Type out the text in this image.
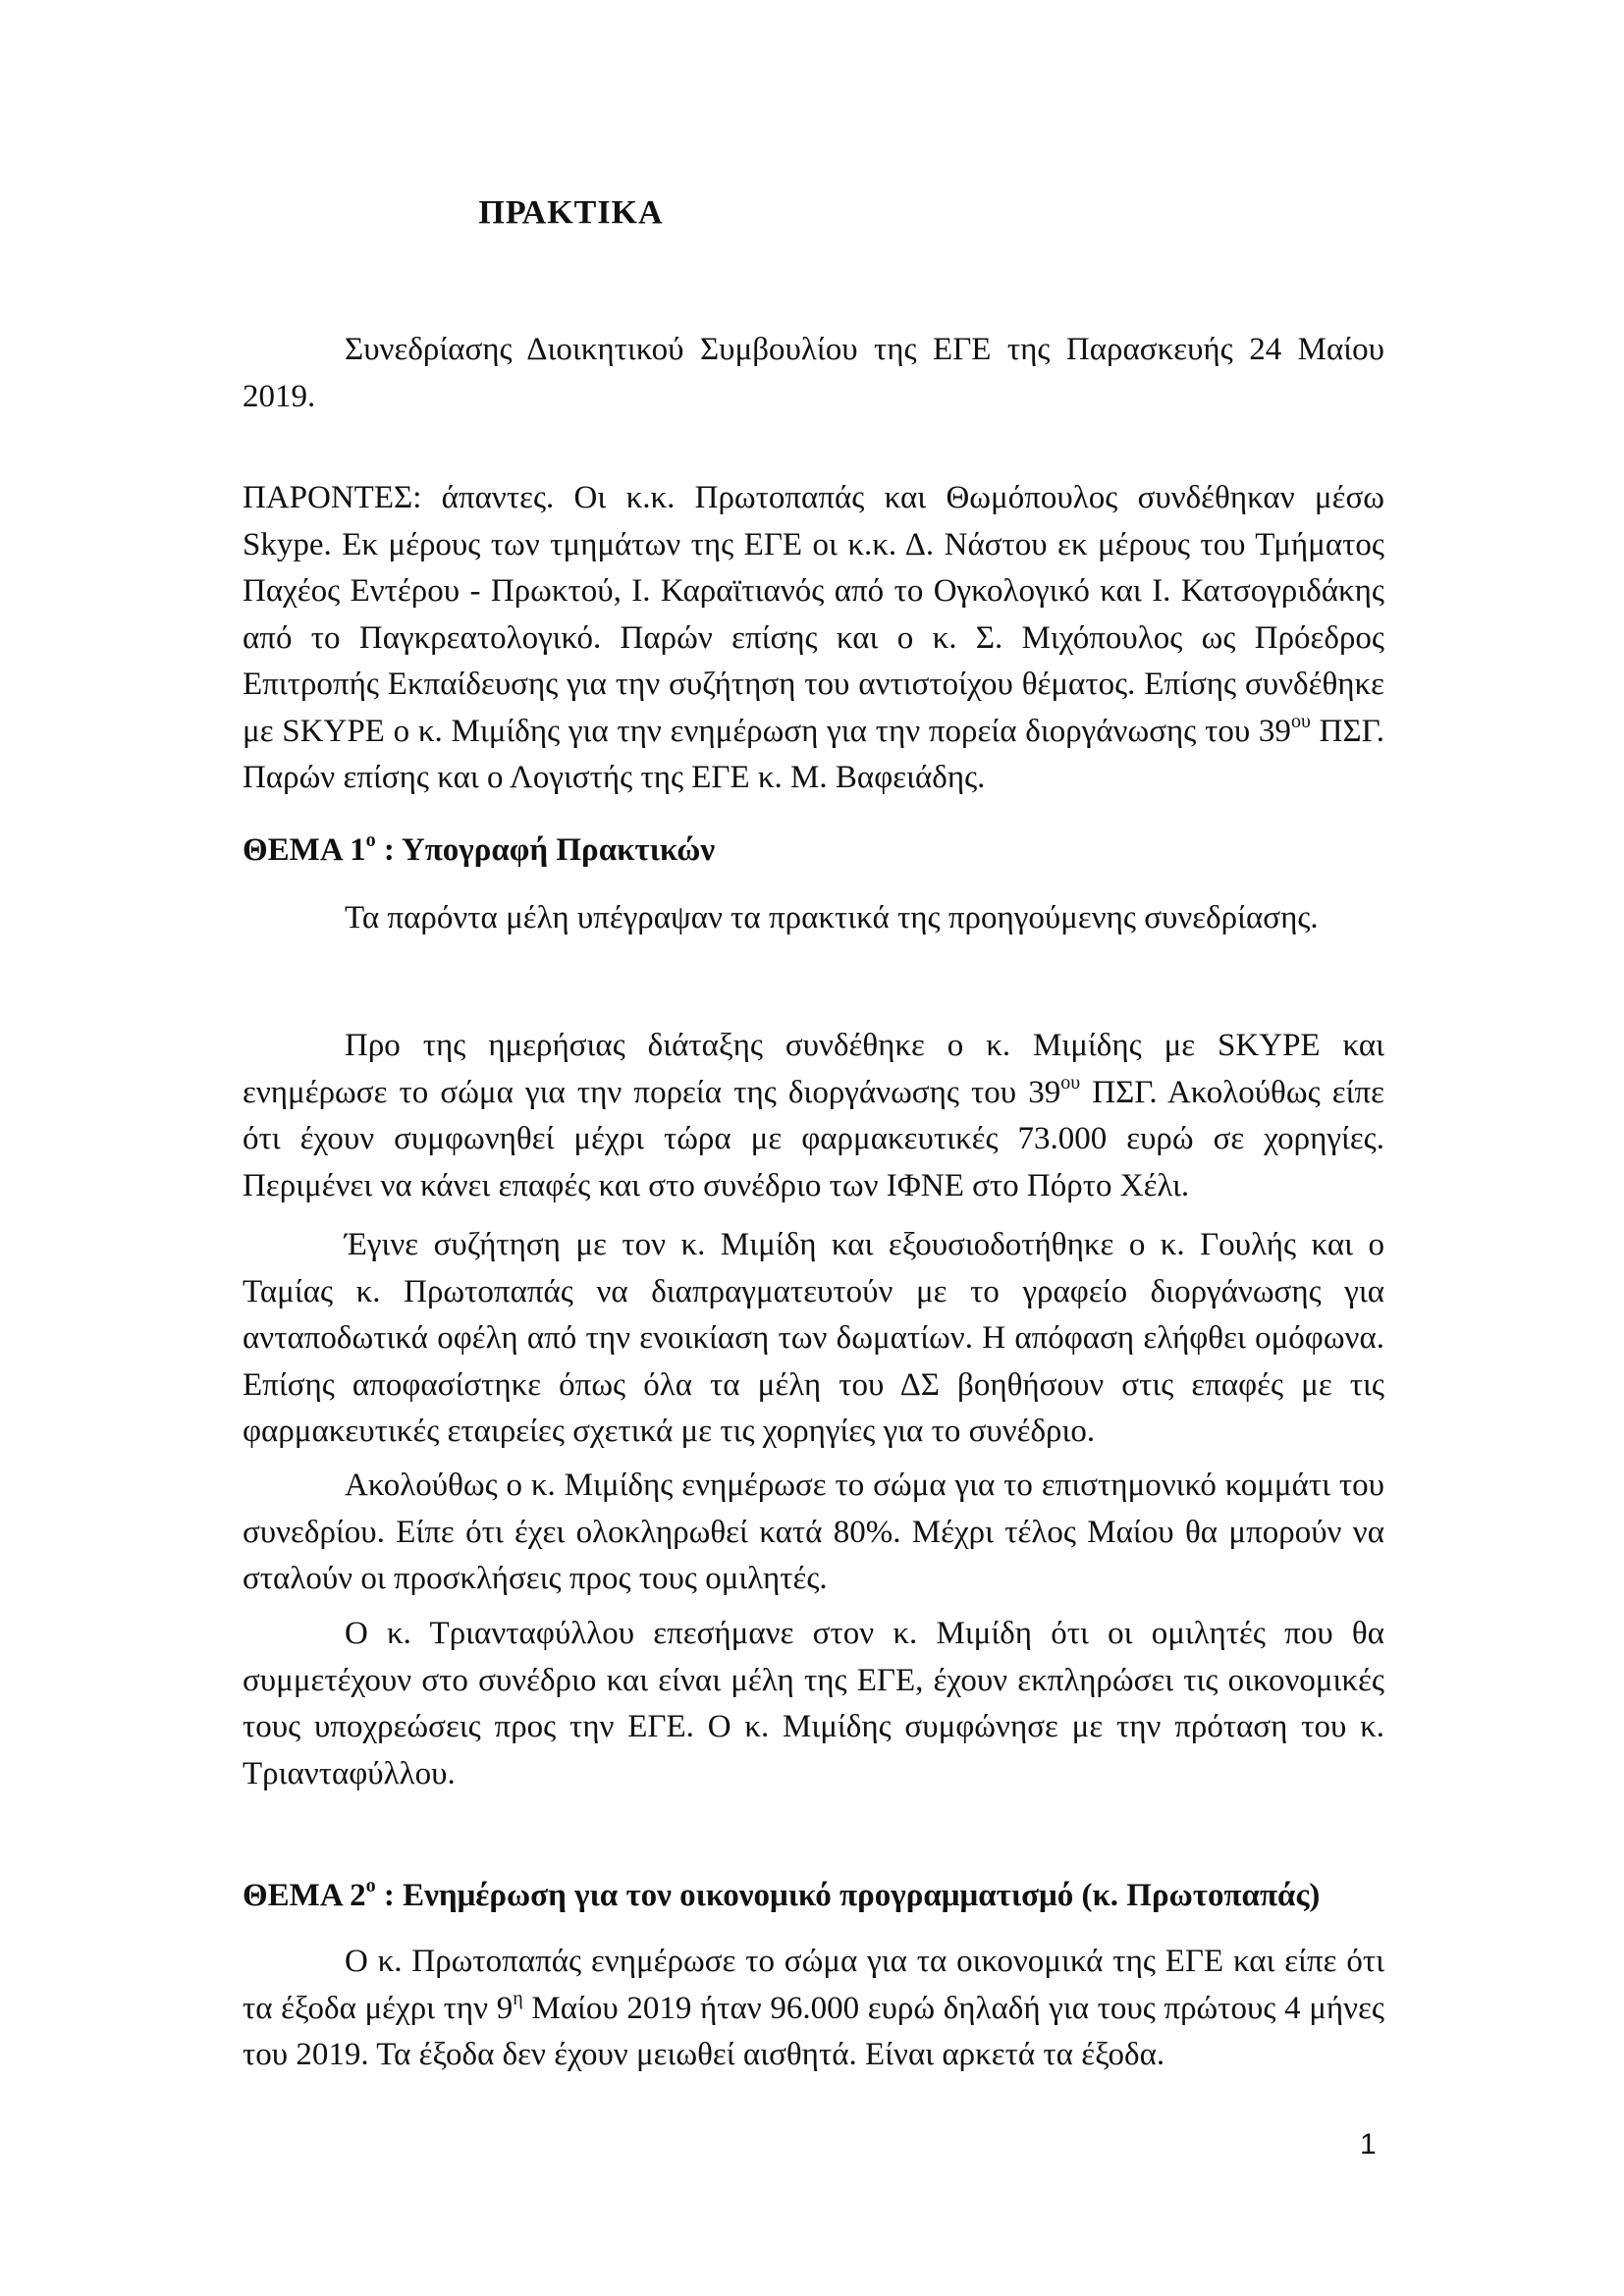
ΠΡΑΚΤΙΚΑ

Συνεδρίασης Διοικητικού Συμβουλίου της ΕΓΕ της Παρασκευής 24 Μαίου 2019.

ΠΑΡΟΝΤΕΣ: άπαντες. Οι κ.κ. Πρωτοπαπάς και Θωμόπουλος συνδέθηκαν μέσω Skype. Εκ μέρους των τμημάτων της ΕΓΕ οι κ.κ. Δ. Νάστου εκ μέρους του Τμήματος Παχέος Εντέρου - Πρωκτού, Ι. Καραϊτιανός από το Ογκολογικό και Ι. Κατσογριδάκης από το Παγκρεατολογικό. Παρών επίσης και ο κ. Σ. Μιχόπουλος ως Πρόεδρος Επιτροπής Εκπαίδευσης για την συζήτηση του αντιστοίχου θέματος. Επίσης συνδέθηκε με SKYPE ο κ. Μιμίδης για την ενημέρωση για την πορεία διοργάνωσης του $39^{o\upsilon}$ ΠΣΓ. Παρών επίσης και ο Λογιστής της ΕΓΕ κ. Μ. Βαφειάδης.

ΘΕΜΑ $1^o$ : Υπογραφή Πρακτικών

Τα παρόντα μέλη υπέγραψαν τα πρακτικά της προηγούμενης συνεδρίασης.

Προ της ημερήσιας διάταξης συνδέθηκε ο κ. Μιμίδης με SKYPE και ενημέρωσε το σώμα για την πορεία της διοργάνωσης του $39^{o\upsilon}$ ΠΣΓ. Ακολούθως είπε ότι έχουν συμφωνηθεί μέχρι τώρα με φαρμακευτικές 73.000 ευρώ σε χορηγίες. Περιμένει να κάνει επαφές και στο συνέδριο των ΙΦΝΕ στο Πόρτο Χέλι.

Έγινε συζήτηση με τον κ. Μιμίδη και εξουσιοδοτήθηκε ο κ. Γουλής και ο Ταμίας κ. Πρωτοπαπάς να διαπραγματευτούν με το γραφείο διοργάνωσης για ανταποδωτικά οφέλη από την ενοικίαση των δωματίων. Η απόφαση ελήφθει ομόφωνα. Επίσης αποφασίστηκε όπως όλα τα μέλη του ΔΣ βοηθήσουν στις επαφές με τις φαρμακευτικές εταιρείες σχετικά με τις χορηγίες για το συνέδριο.

Ακολούθως ο κ. Μιμίδης ενημέρωσε το σώμα για το επιστημονικό κομμάτι του συνεδρίου. Είπε ότι έχει ολοκληρωθεί κατά 80%. Μέχρι τέλος Μαίου θα μπορούν να σταλούν οι προσκλήσεις προς τους ομιλητές.

Ο κ. Τριανταφύλλου επεσήμανε στον κ. Μιμίδη ότι οι ομιλητές που θα συμμετέχουν στο συνέδριο και είναι μέλη της ΕΓΕ, έχουν εκπληρώσει τις οικονομικές τους υποχρεώσεις προς την ΕΓΕ. Ο κ. Μιμίδης συμφώνησε με την πρόταση του κ. Τριανταφύλλου.

ΘΕΜΑ $2^o$ : Ενημέρωση για τον οικονομικό προγραμματισμό (κ. Πρωτοπαπάς)

Ο κ. Πρωτοπαπάς ενημέρωσε το σώμα για τα οικονομικά της ΕΓΕ και είπε ότι τα έξοδα μέχρι την $9^\eta$ Μαίου 2019 ήταν 96.000 ευρώ δηλαδή για τους πρώτους 4 μήνες του 2019. Τα έξοδα δεν έχουν μειωθεί αισθητά. Είναι αρκετά τα έξοδα.

1
